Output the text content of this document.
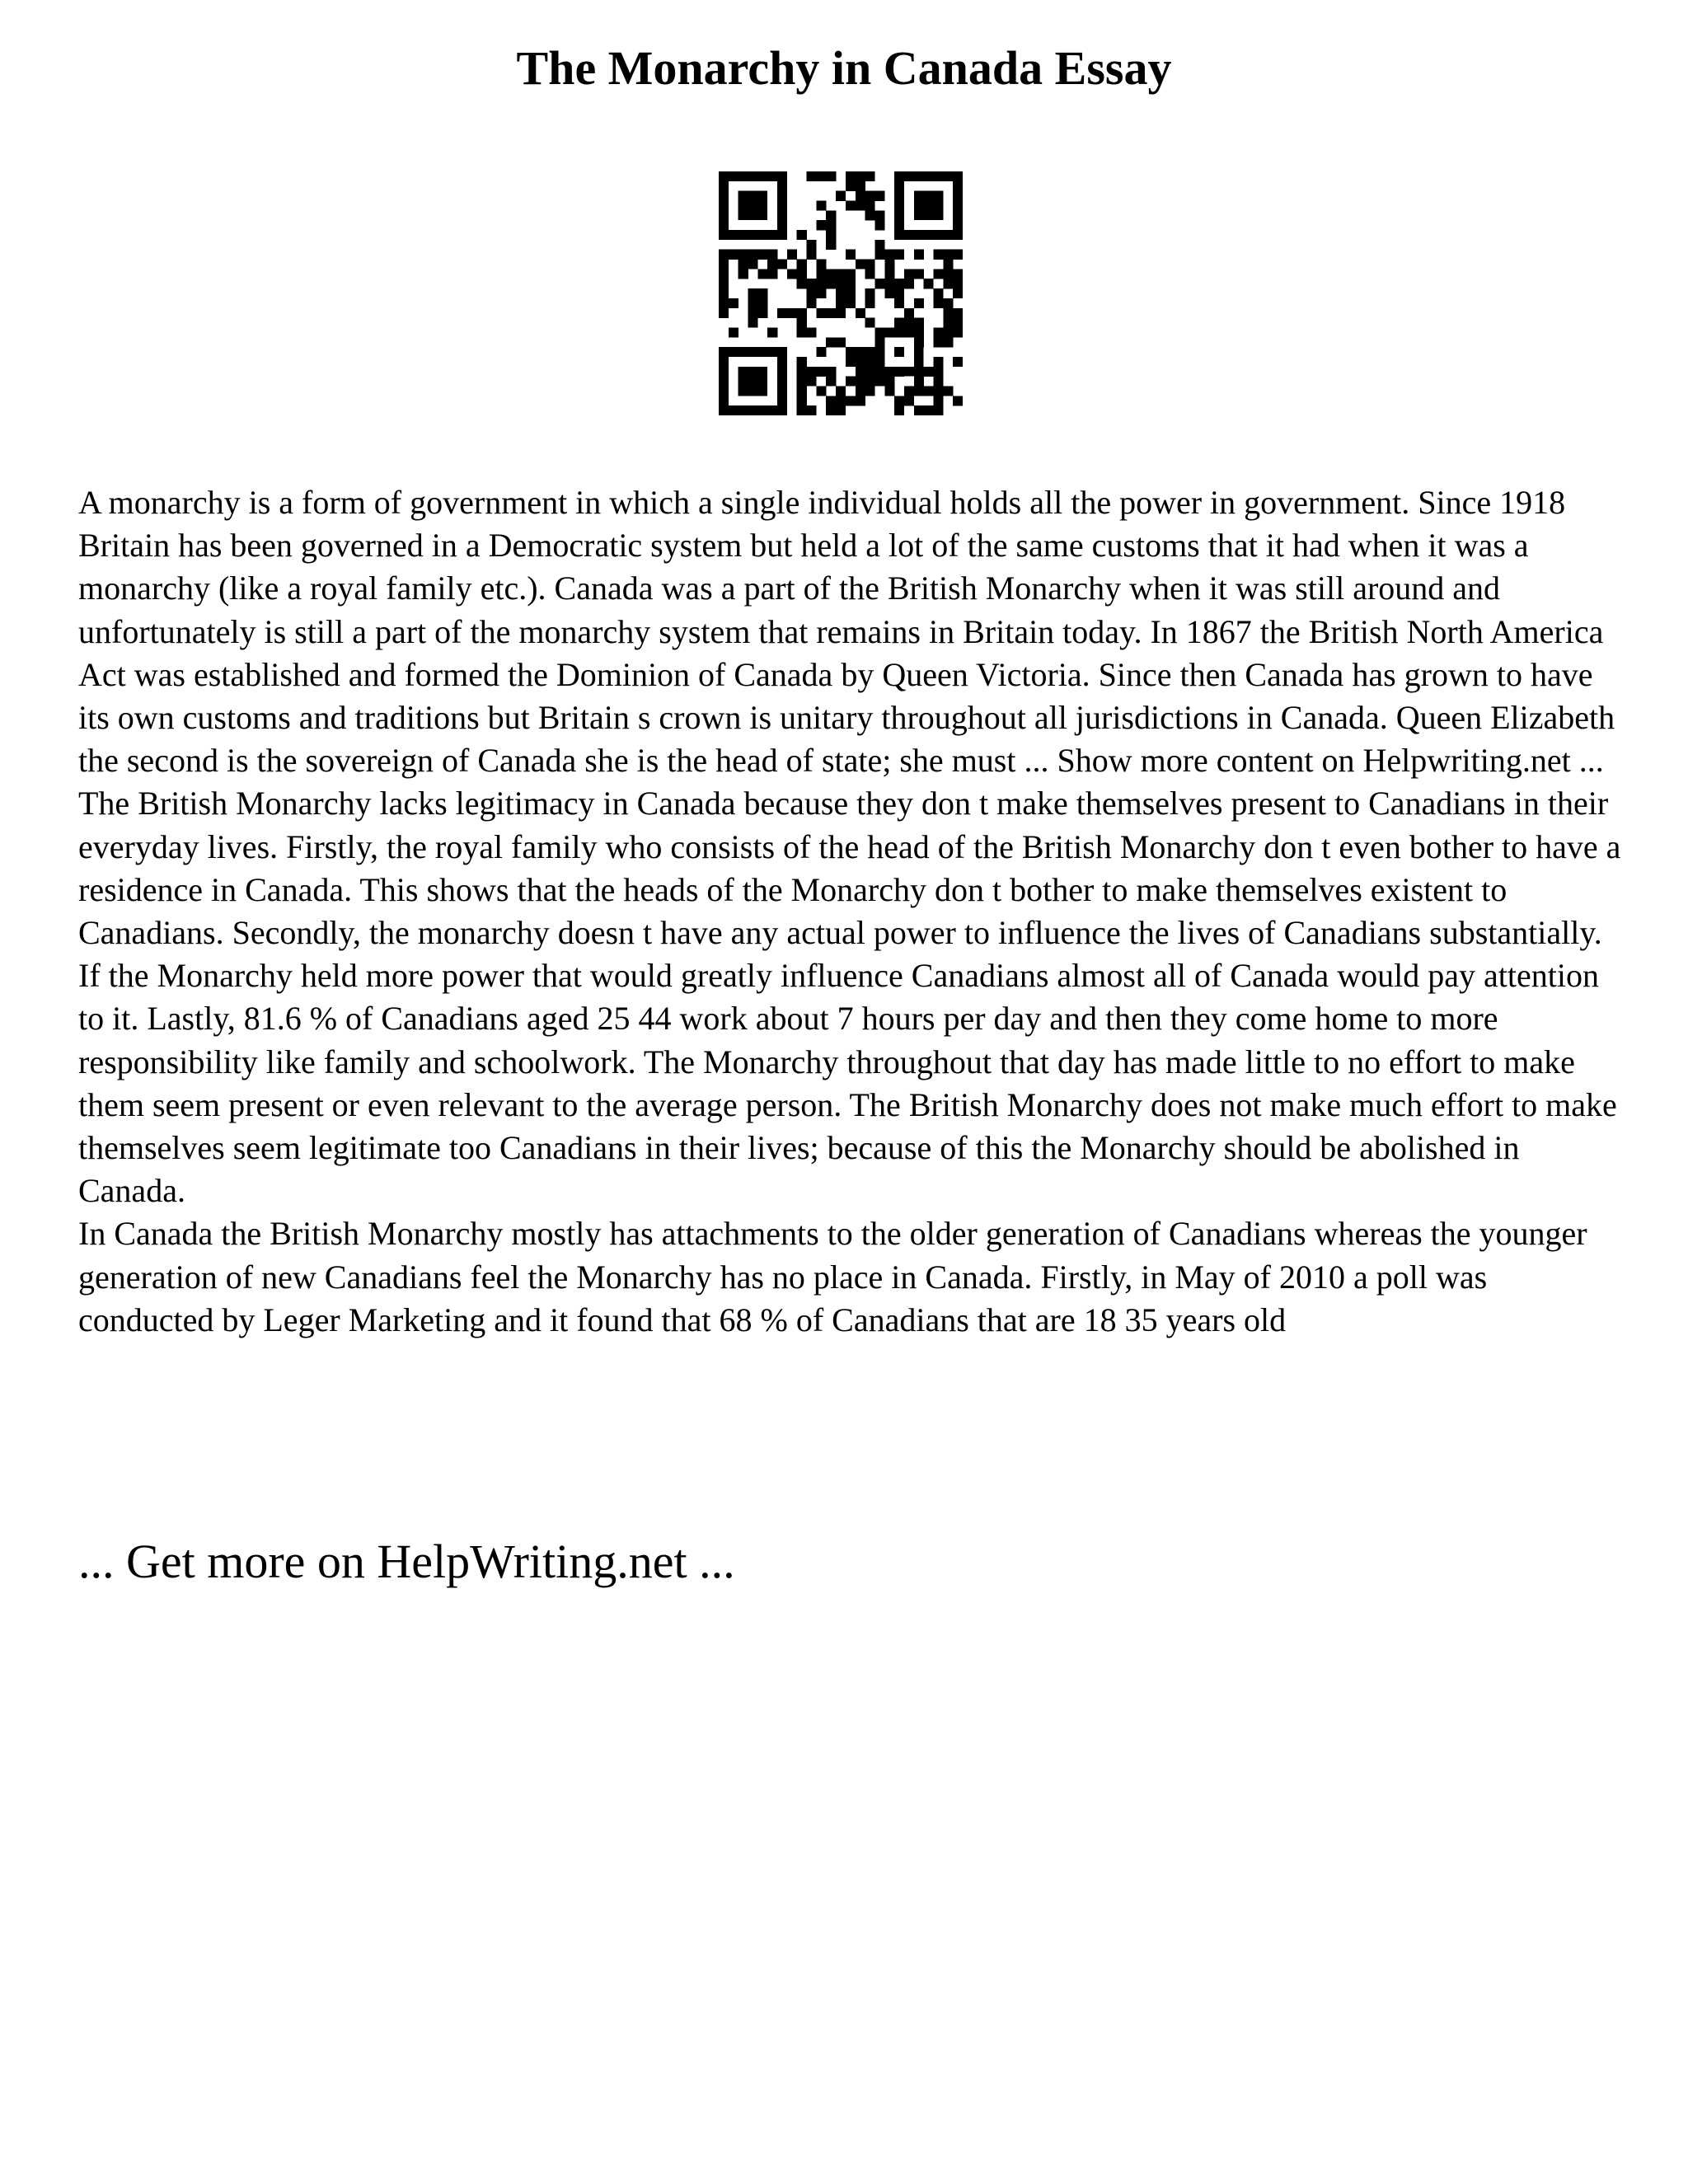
The Monarchy in Canada Essay

A monarchy is a form of government in which a single individual holds all the power in government. Since 1918 Britain has been governed in a Democratic system but held a lot of the same customs that it had when it was a monarchy (like a royal family etc.). Canada was a part of the British Monarchy when it was still around and unfortunately is still a part of the monarchy system that remains in Britain today. In 1867 the British North America Act was established and formed the Dominion of Canada by Queen Victoria. Since then Canada has grown to have its own customs and traditions but Britain s crown is unitary throughout all jurisdictions in Canada. Queen Elizabeth the second is the sovereign of Canada she is the head of state; she must ... Show more content on Helpwriting.net ...

The British Monarchy lacks legitimacy in Canada because they don t make themselves present to Canadians in their everyday lives. Firstly, the royal family who consists of the head of the British Monarchy don t even bother to have a residence in Canada. This shows that the heads of the Monarchy don t bother to make themselves existent to Canadians. Secondly, the monarchy doesn t have any actual power to influence the lives of Canadians substantially. If the Monarchy held more power that would greatly influence Canadians almost all of Canada would pay attention to it. Lastly, 81.6 % of Canadians aged 25 44 work about 7 hours per day and then they come home to more responsibility like family and schoolwork. The Monarchy throughout that day has made little to no effort to make them seem present or even relevant to the average person. The British Monarchy does not make much effort to make themselves seem legitimate too Canadians in their lives; because of this the Monarchy should be abolished in Canada.

In Canada the British Monarchy mostly has attachments to the older generation of Canadians whereas the younger generation of new Canadians feel the Monarchy has no place in Canada. Firstly, in May of 2010 a poll was conducted by Leger Marketing and it found that 68 % of Canadians that are 18 35 years old

... Get more on HelpWriting.net ...
